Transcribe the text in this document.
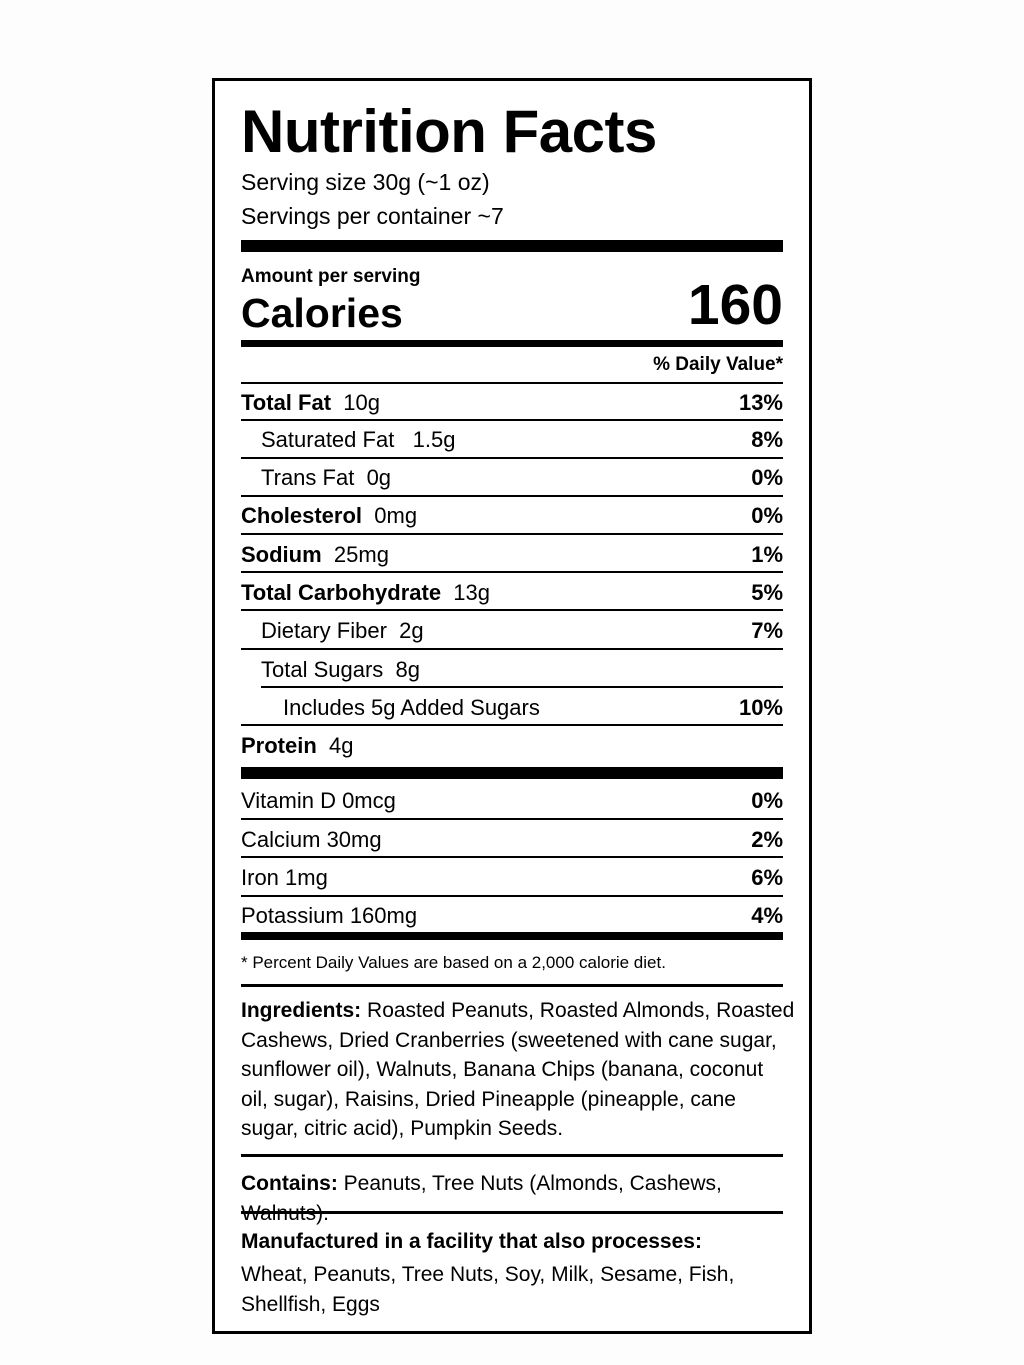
Nutrition Facts
Serving size 30g (~1 oz)
Servings per container ~7
Amount per serving
Calories	160
% Daily Value*
Total Fat 10g	13%
Saturated Fat 1.5g	8%
Trans Fat 0g	0%
Cholesterol 0mg	0%
Sodium 25mg	1%
Total Carbohydrate 13g	5%
Dietary Fiber 2g	7%
Total Sugars 8g
Includes 5g Added Sugars	10%
Protein 4g
Vitamin D 0mcg	0%
Calcium 30mg	2%
Iron 1mg	6%
Potassium 160mg	4%
* Percent Daily Values are based on a 2,000 calorie diet.
Ingredients: Roasted Peanuts, Roasted Almonds, Roasted Cashews, Dried Cranberries (sweetened with cane sugar, sunflower oil), Walnuts, Banana Chips (banana, coconut oil, sugar), Raisins, Dried Pineapple (pineapple, cane sugar, citric acid), Pumpkin Seeds.
Contains: Peanuts, Tree Nuts (Almonds, Cashews,
Manufactured in a facility that also processes:
Wheat, Peanuts, Tree Nuts, Soy, Milk, Sesame, Fish, Shellfish, Eggs
